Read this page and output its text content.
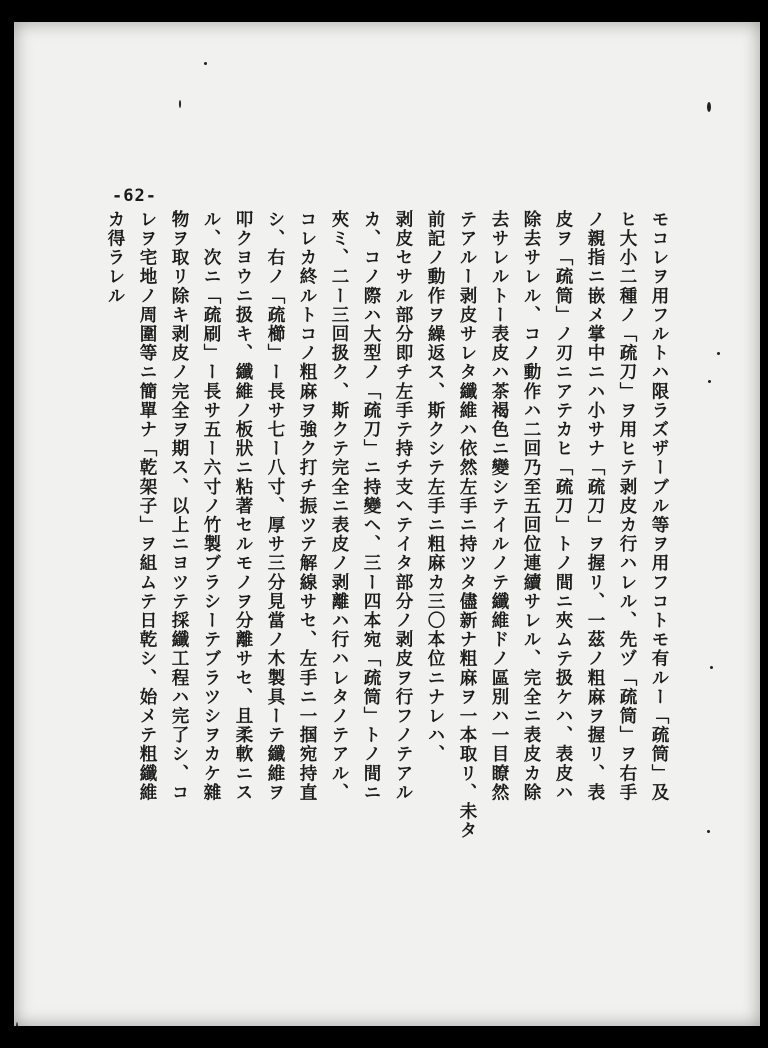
-62-
モコレヲ用フルトハ限ラズザーブル等ヲ用フコトモ有ルー「疏筒」及
ヒ大小二種ノ「疏刀」ヲ用ヒテ剥皮カ行ハレル、先ヅ「疏筒」ヲ右手
ノ親指ニ嵌メ掌中ニハ小サナ「疏刀」ヲ握リ、一茲ノ粗麻ヲ握リ、表
皮ヲ「疏筒」ノ刃ニアテカヒ「疏刀」トノ間ニ夾ムテ扱ケハ、表皮ハ
除去サレル、コノ動作ハ二回乃至五回位連續サレル、完全ニ表皮カ除
去サレルトー表皮ハ茶褐色ニ變シテイルノテ纖維ドノ區別ハ一目瞭然
テアルー剥皮サレタ纖維ハ依然左手ニ持ツタ儘新ナ粗麻ヲ一本取リ、未タ
前記ノ動作ヲ繰返ス、斯クシテ左手ニ粗麻カ三〇本位ニナレハ、
剥皮セサル部分即チ左手テ持チ支ヘテイタ部分ノ剥皮ヲ行フノテアル
カ、コノ際ハ大型ノ「疏刀」ニ持變ヘ、三ー四本宛「疏筒」トノ間ニ
夾ミ、二ー三回扱ク、斯クテ完全ニ表皮ノ剥離ハ行ハレタノテアル、
コレカ終ルトコノ粗麻ヲ強ク打チ振ツテ解線サセ、左手ニ一掴宛持直
シ、右ノ「疏櫛」ー長サ七ー八寸、厚サ三分見當ノ木製具ーテ纖維ヲ
叩クヨウニ扱キ、纖維ノ板狀ニ粘著セルモノヲ分離サセ、且柔軟ニス
ル、次ニ「疏刷」ー長サ五ー六寸ノ竹製ブラシーテブラツシヲカケ雜
物ヲ取リ除キ剥皮ノ完全ヲ期ス、以上ニヨツテ採纖工程ハ完了シ、コ
レヲ宅地ノ周圍等ニ簡單ナ「乾架子」ヲ組ムテ日乾シ、始メテ粗纖維
カ得ラレル
